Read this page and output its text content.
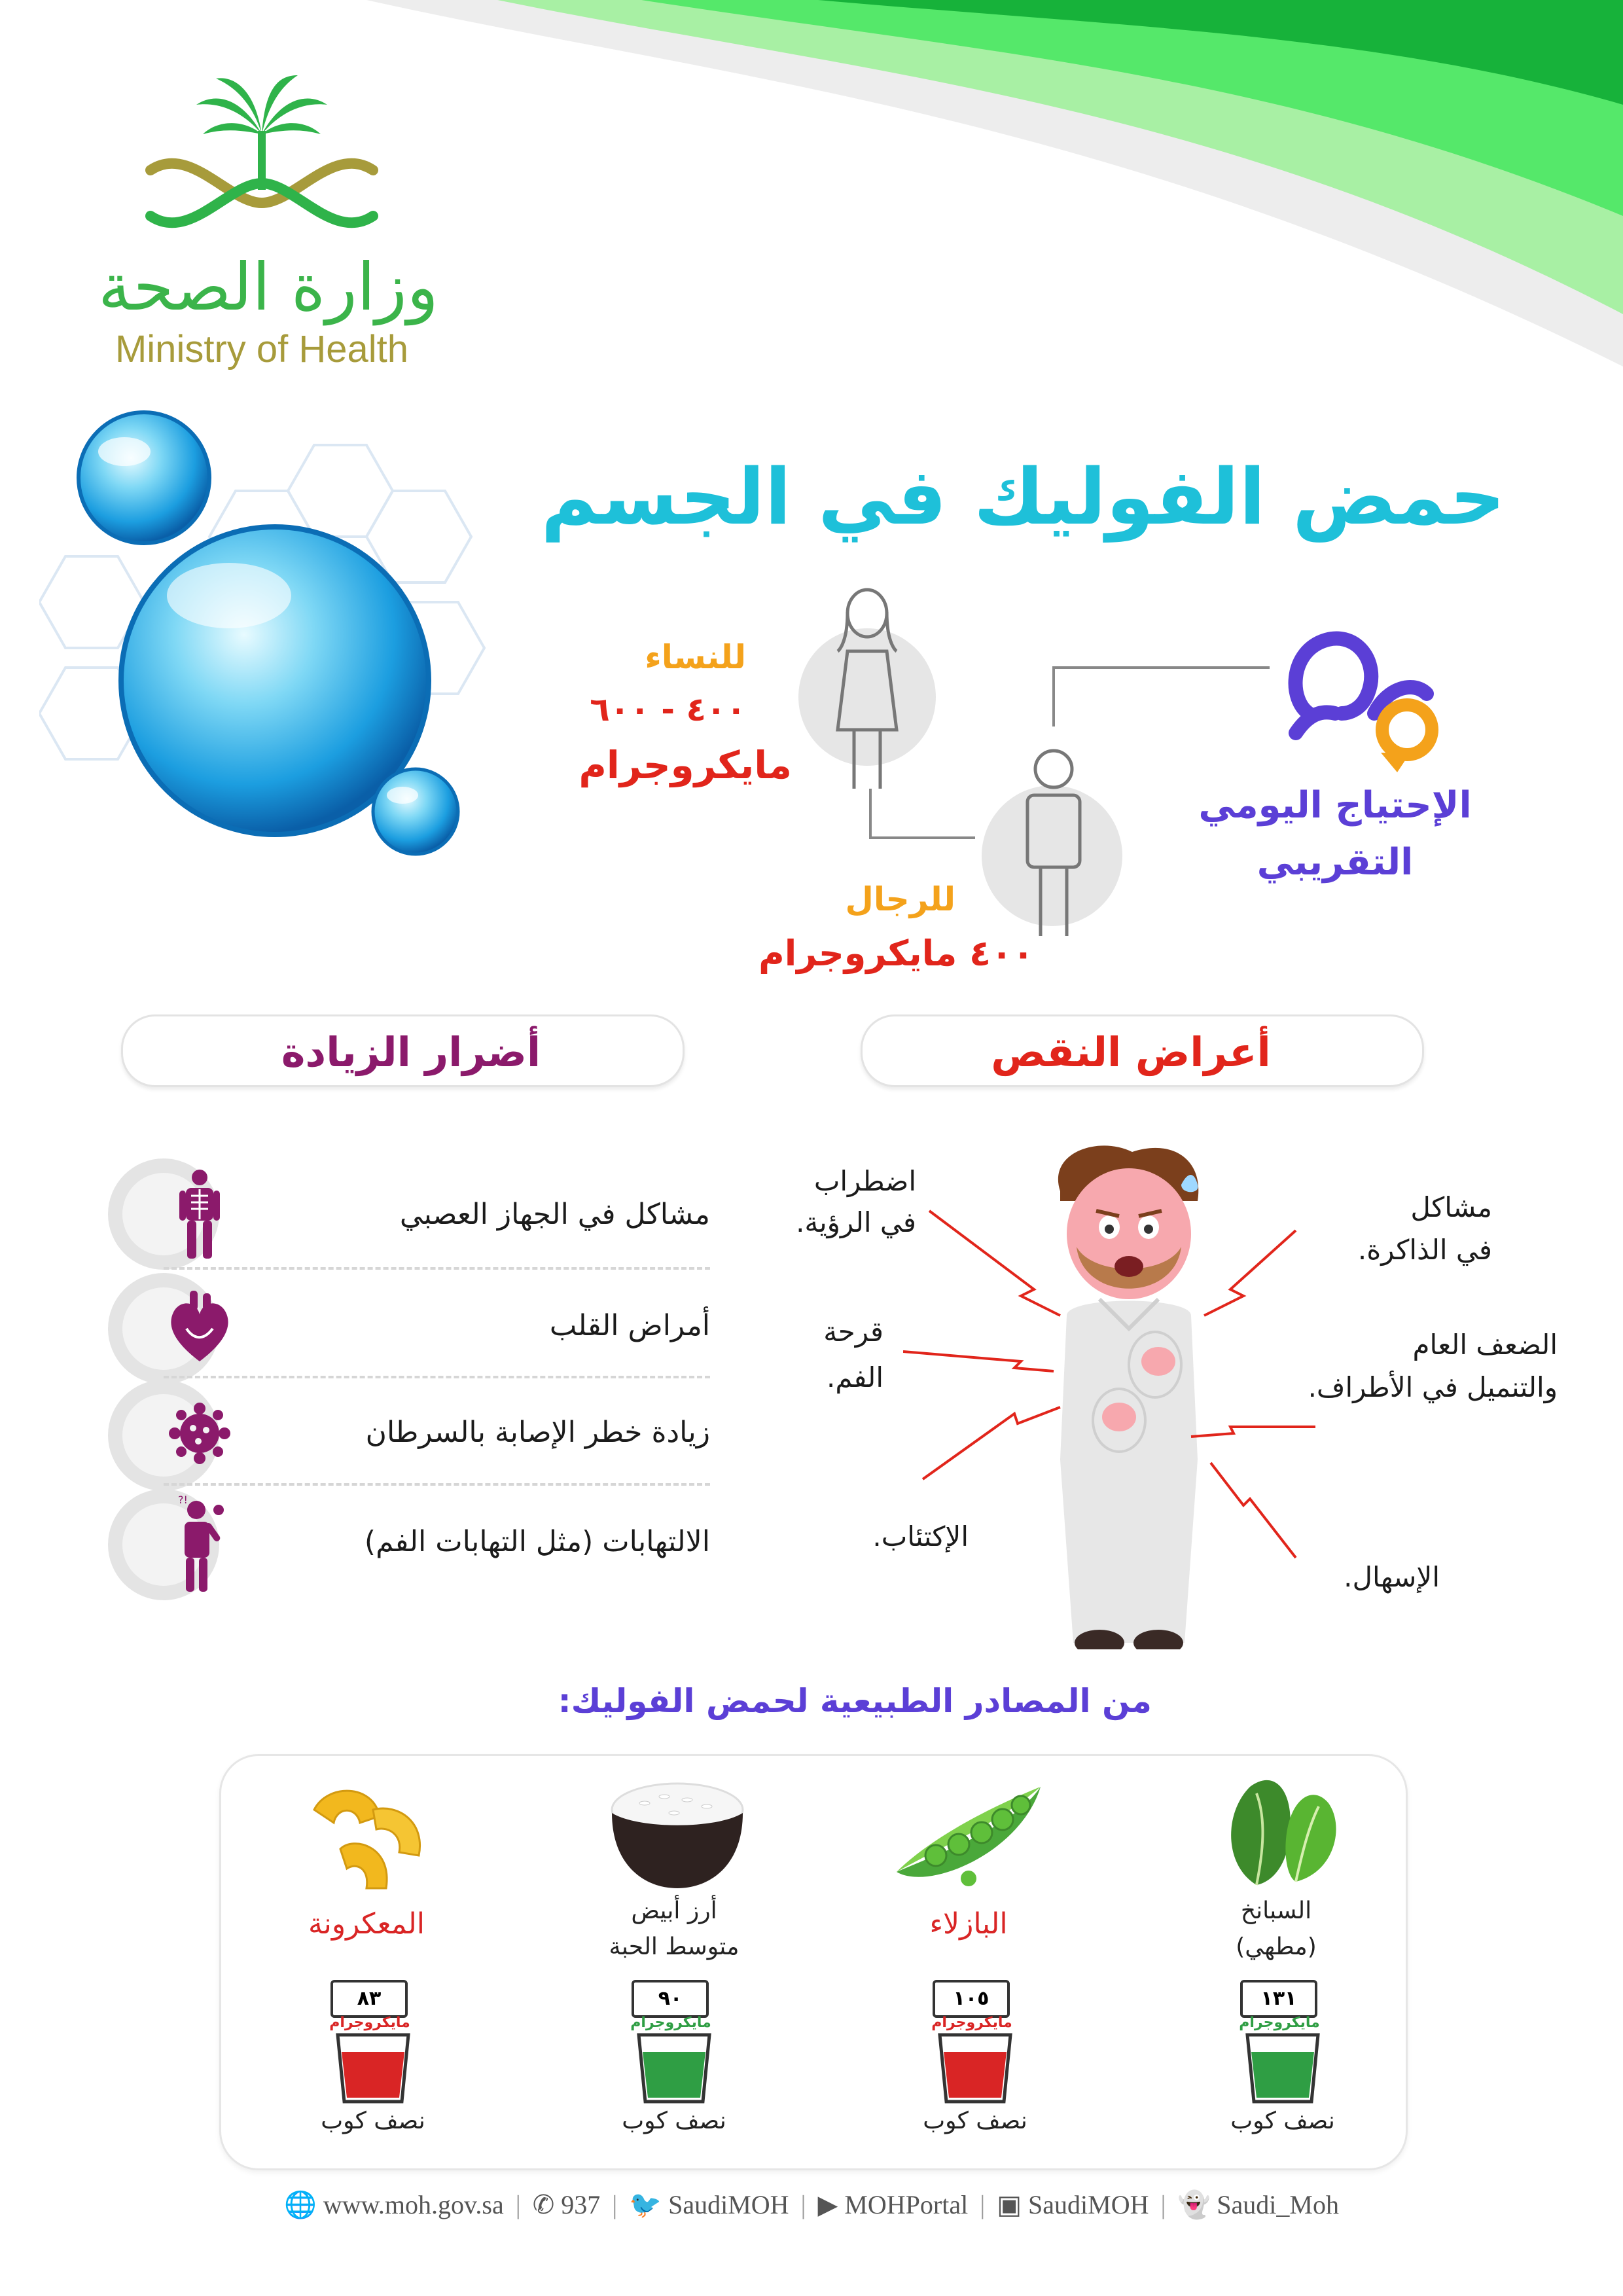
وزارة الصحة
Ministry of Health
حمض الفوليك في الجسم
الإحتياج اليومي
التقريبي
للنساء
٤٠٠ - ٦٠٠
مايكروجرام
للرجال
٤٠٠ مايكروجرام
أعراض النقص
أضرار الزيادة
مشاكل في الجهاز العصبي
أمراض القلب
زيادة خطر الإصابة بالسرطان
?!
الالتهابات (مثل التهابات الفم)
اضطراب
في الرؤية.	مشاكل
في الذاكرة.
قرحة
الفم.
الضعف العام
والتنميل في الأطراف.
الإكتئاب.
الإسهال.
من المصادر الطبيعية لحمض الفوليك:
السبانخ
(مطهي)
البازلاء
أرز أبيض
متوسط الحبة
المعكرونة
١٣١
مايكروجرام
نصف كوب
١٠٥
مايكروجرام
نصف كوب
٩٠
مايكروجرام
نصف كوب
٨٣
مايكروجرام
نصف كوب
🌐 www.moh.gov.sa | ✆ 937 | 🐦 SaudiMOH | ▶ MOHPortal | ▣ SaudiMOH | 👻 Saudi_Moh
